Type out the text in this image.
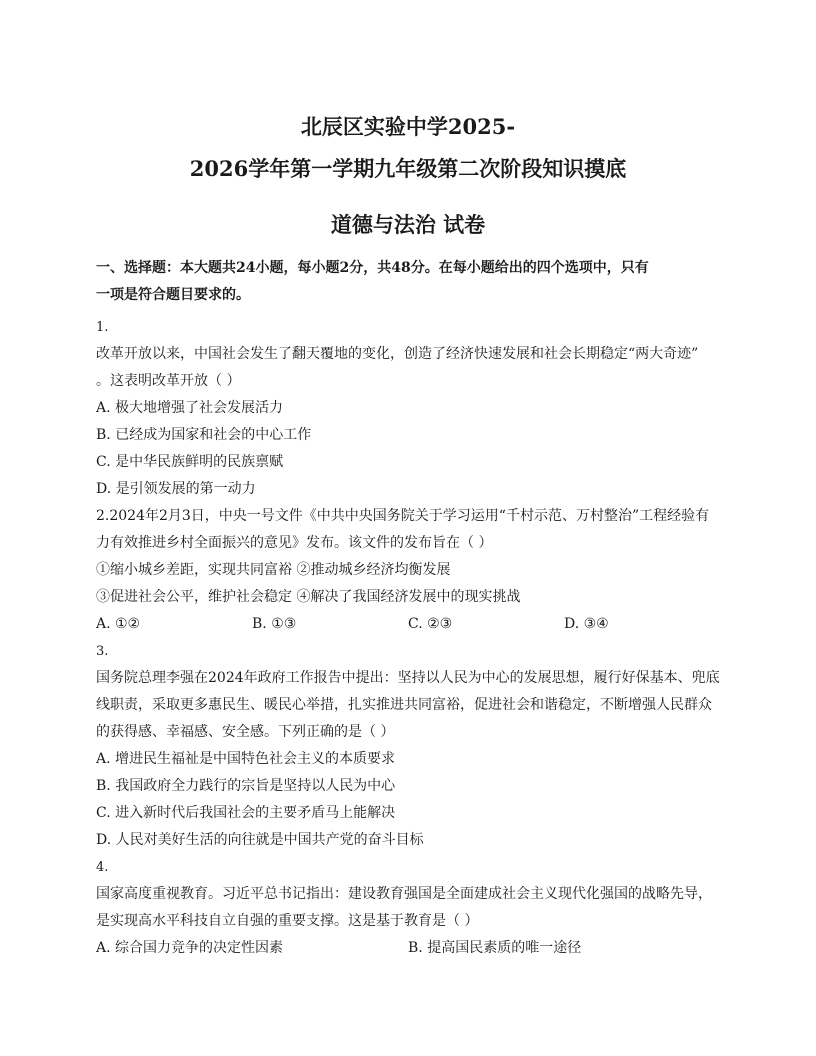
北辰区实验中学2025-
2026学年第一学期九年级第二次阶段知识摸底
道德与法治 试卷

一、选择题：本大题共24小题，每小题2分，共48分。在每小题给出的四个选项中，只有

一项是符合题目要求的。

1.
改革开放以来，中国社会发生了翻天覆地的变化，创造了经济快速发展和社会长期稳定“两大奇迹”
。这表明改革开放（ ）
A. 极大地增强了社会发展活力
B. 已经成为国家和社会的中心工作
C. 是中华民族鲜明的民族禀赋
D. 是引领发展的第一动力
2.2024年2月3日，中央一号文件《中共中央国务院关于学习运用“千村示范、万村整治”工程经验有
力有效推进乡村全面振兴的意见》发布。该文件的发布旨在（ ）
①缩小城乡差距，实现共同富裕 ②推动城乡经济均衡发展
③促进社会公平，维护社会稳定 ④解决了我国经济发展中的现实挑战
A. ①②	B. ①③	C. ②③	D. ③④
3.
国务院总理李强在2024年政府工作报告中提出：坚持以人民为中心的发展思想，履行好保基本、兜底
线职责，采取更多惠民生、暖民心举措，扎实推进共同富裕，促进社会和谐稳定，不断增强人民群众
的获得感、幸福感、安全感。下列正确的是（ ）
A. 增进民生福祉是中国特色社会主义的本质要求
B. 我国政府全力践行的宗旨是坚持以人民为中心
C. 进入新时代后我国社会的主要矛盾马上能解决
D. 人民对美好生活的向往就是中国共产党的奋斗目标
4.
国家高度重视教育。习近平总书记指出：建设教育强国是全面建成社会主义现代化强国的战略先导，
是实现高水平科技自立自强的重要支撑。这是基于教育是（ ）
A. 综合国力竞争的决定性因素	B. 提高国民素质的唯一途径
